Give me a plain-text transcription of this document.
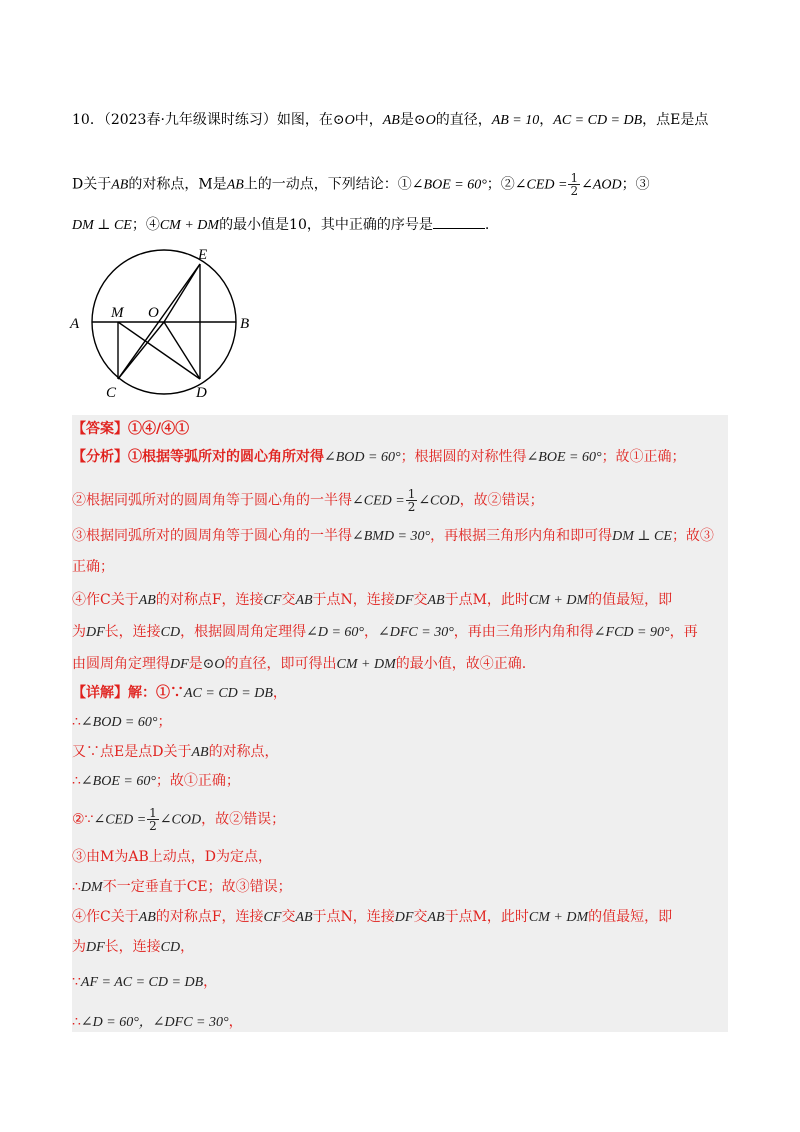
10．（2023春·九年级课时练习）如图，在⊙O中，AB是⊙O的直径，AB = 10，AC = CD = DB，点E是点
D关于AB的对称点，M是AB上的一动点，下列结论：①∠BOE = 60°；②∠CED = $\frac{1}{2}$ ∠AOD；③
DM ⊥ CE；④CM + DM的最小值是10，其中正确的序号是	.
A	B
M O
C	D
E
【答案】①④/④①
【分析】①根据等弧所对的圆心角所对得∠BOD = 60°；根据圆的对称性得∠BOE = 60°；故①正确；
②根据同弧所对的圆周角等于圆心角的一半得∠CED = $\frac{1}{2}$ ∠COD，故②错误；
③根据同弧所对的圆周角等于圆心角的一半得∠BMD = 30°，再根据三角形内角和即可得DM ⊥ CE；故③
正确；
④作C关于AB的对称点F，连接CF交AB于点N，连接DF交AB于点M，此时CM + DM的值最短，即
为DF长，连接CD，根据圆周角定理得∠D = 60°，∠DFC = 30°，再由三角形内角和得∠FCD = 90°，再
由圆周角定理得DF是⊙O的直径，即可得出CM + DM的最小值，故④正确.
【详解】解：①∵AC = CD = DB，
∴∠BOD = 60°；
又∵点E是点D关于AB的对称点，
∴∠BOE = 60°；故①正确；
②∵∠CED = $\frac{1}{2}$ ∠COD，故②错误；
③由M为AB上动点，D为定点，
∴DM不一定垂直于CE；故③错误；
④作C关于AB的对称点F，连接CF交AB于点N，连接DF交AB于点M，此时CM + DM的值最短，即
为DF长，连接CD，
∵AF = AC = CD = DB，
∴∠D = 60°，∠DFC = 30°，
